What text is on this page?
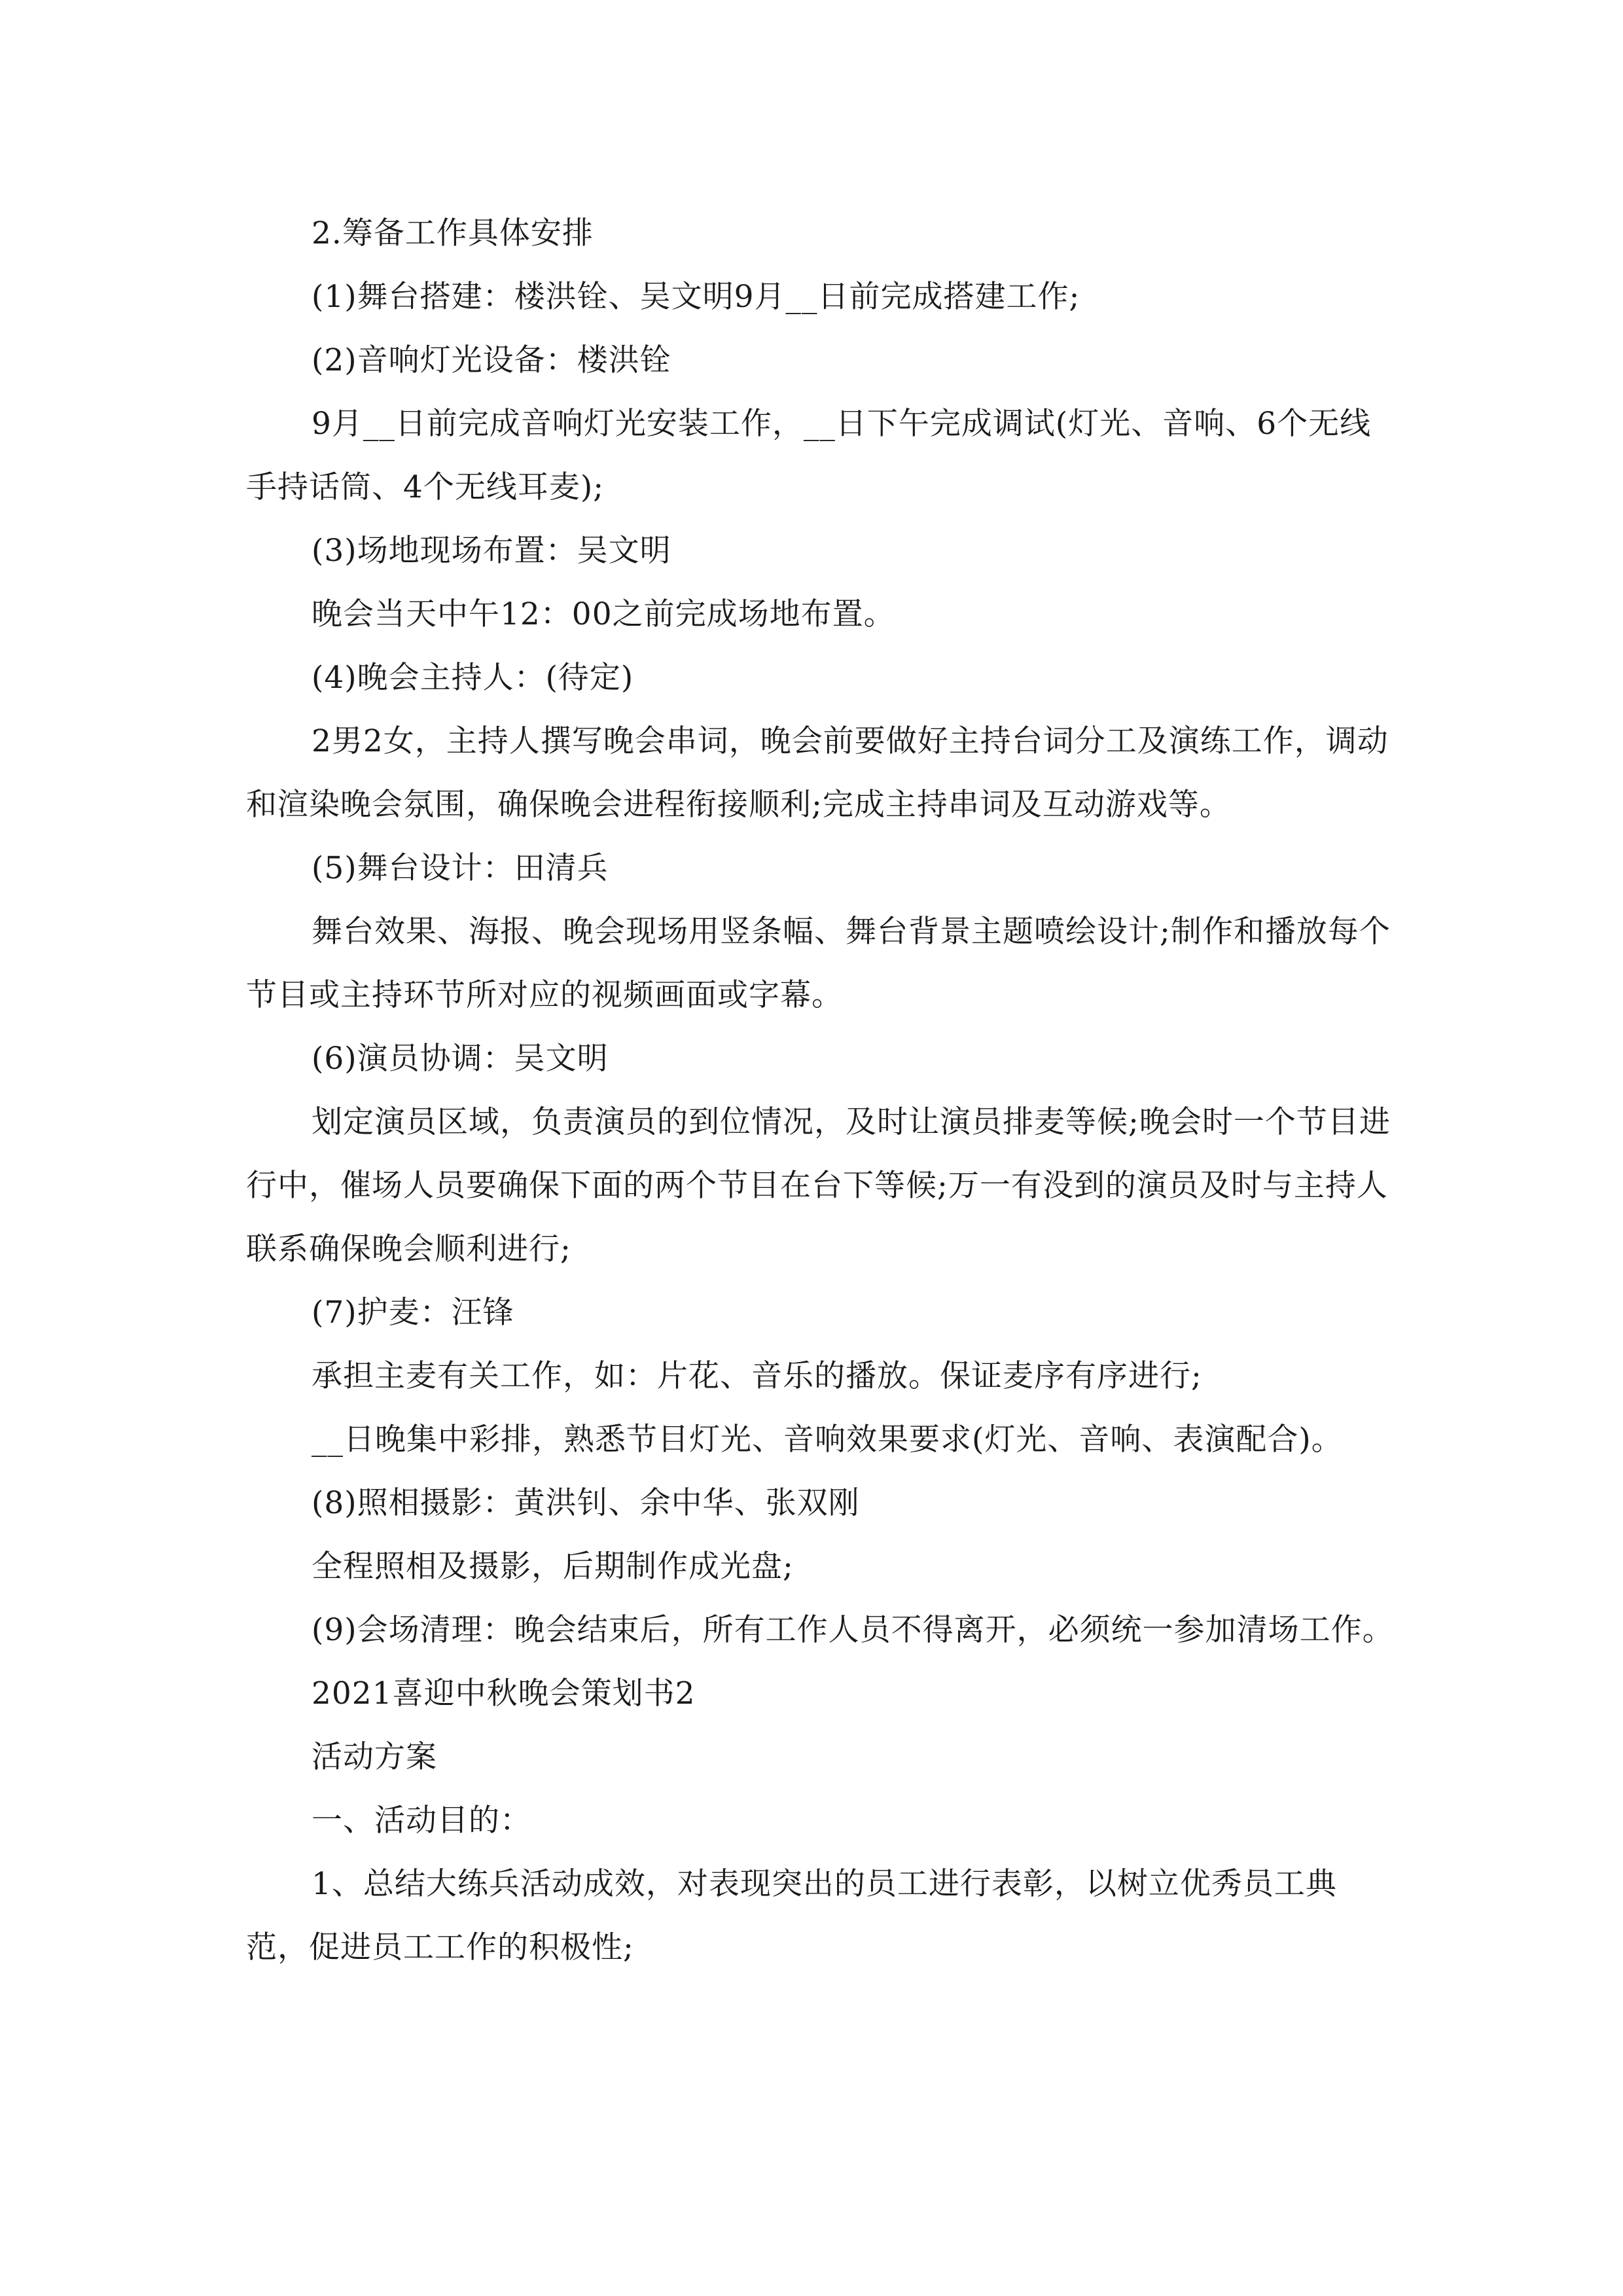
2.筹备工作具体安排

(1)舞台搭建：楼洪铨、吴文明9月__日前完成搭建工作;

(2)音响灯光设备：楼洪铨

9月__日前完成音响灯光安装工作，__日下午完成调试(灯光、音响、6个无线手持话筒、4个无线耳麦);

(3)场地现场布置：吴文明

晚会当天中午12：00之前完成场地布置。

(4)晚会主持人：(待定)

2男2女，主持人撰写晚会串词，晚会前要做好主持台词分工及演练工作，调动和渲染晚会氛围，确保晚会进程衔接顺利;完成主持串词及互动游戏等。

(5)舞台设计：田清兵

舞台效果、海报、晚会现场用竖条幅、舞台背景主题喷绘设计;制作和播放每个节目或主持环节所对应的视频画面或字幕。

(6)演员协调：吴文明

划定演员区域，负责演员的到位情况，及时让演员排麦等候;晚会时一个节目进行中，催场人员要确保下面的两个节目在台下等候;万一有没到的演员及时与主持人联系确保晚会顺利进行;

(7)护麦：汪锋

承担主麦有关工作，如：片花、音乐的播放。保证麦序有序进行;

__日晚集中彩排，熟悉节目灯光、音响效果要求(灯光、音响、表演配合)。

(8)照相摄影：黄洪钊、余中华、张双刚

全程照相及摄影，后期制作成光盘;

(9)会场清理：晚会结束后，所有工作人员不得离开，必须统一参加清场工作。

2021喜迎中秋晚会策划书2

活动方案

一、活动目的：

1、总结大练兵活动成效，对表现突出的员工进行表彰，以树立优秀员工典范，促进员工工作的积极性;
